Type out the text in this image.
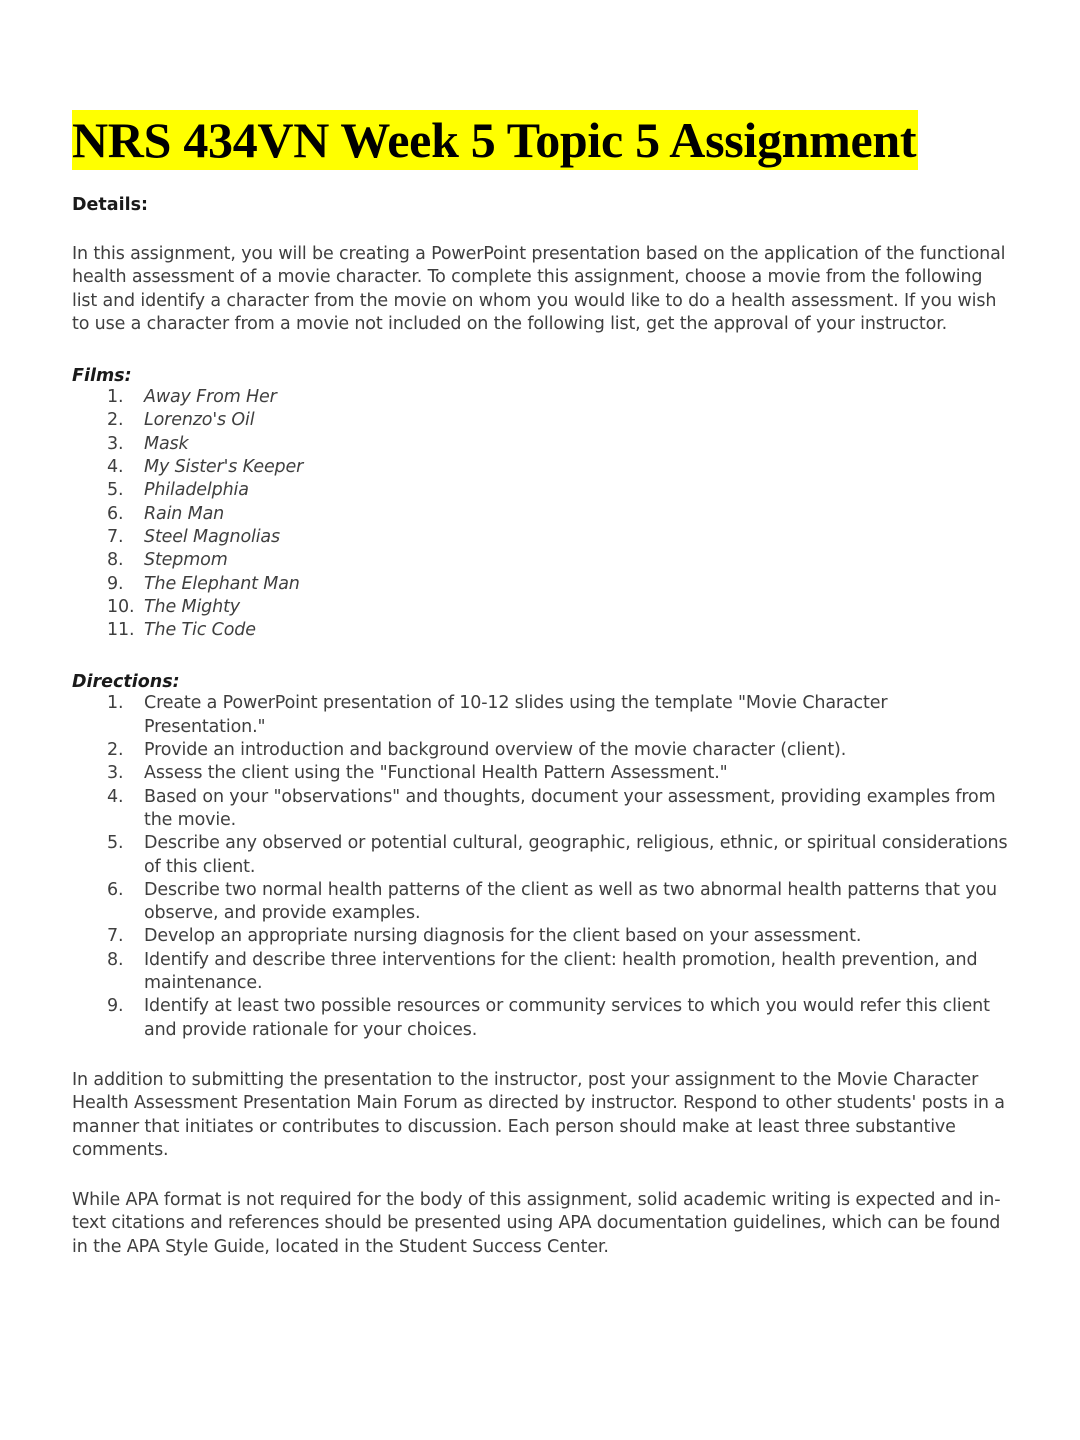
NRS 434VN Week 5 Topic 5 Assignment

Details:

In this assignment, you will be creating a PowerPoint presentation based on the application of the functional health assessment of a movie character. To complete this assignment, choose a movie from the following list and identify a character from the movie on whom you would like to do a health assessment. If you wish to use a character from a movie not included on the following list, get the approval of your instructor.

Films:

1. Away From Her
2. Lorenzo's Oil
3. Mask
4. My Sister's Keeper
5. Philadelphia
6. Rain Man
7. Steel Magnolias
8. Stepmom
9. The Elephant Man
10. The Mighty
11. The Tic Code

Directions:

1. Create a PowerPoint presentation of 10-12 slides using the template "Movie Character Presentation."
2. Provide an introduction and background overview of the movie character (client).
3. Assess the client using the "Functional Health Pattern Assessment."
4. Based on your "observations" and thoughts, document your assessment, providing examples from the movie.
5. Describe any observed or potential cultural, geographic, religious, ethnic, or spiritual considerations of this client.
6. Describe two normal health patterns of the client as well as two abnormal health patterns that you observe, and provide examples.
7. Develop an appropriate nursing diagnosis for the client based on your assessment.
8. Identify and describe three interventions for the client: health promotion, health prevention, and maintenance.
9. Identify at least two possible resources or community services to which you would refer this client and provide rationale for your choices.

In addition to submitting the presentation to the instructor, post your assignment to the Movie Character Health Assessment Presentation Main Forum as directed by instructor. Respond to other students' posts in a manner that initiates or contributes to discussion. Each person should make at least three substantive comments.

While APA format is not required for the body of this assignment, solid academic writing is expected and in-text citations and references should be presented using APA documentation guidelines, which can be found in the APA Style Guide, located in the Student Success Center.
